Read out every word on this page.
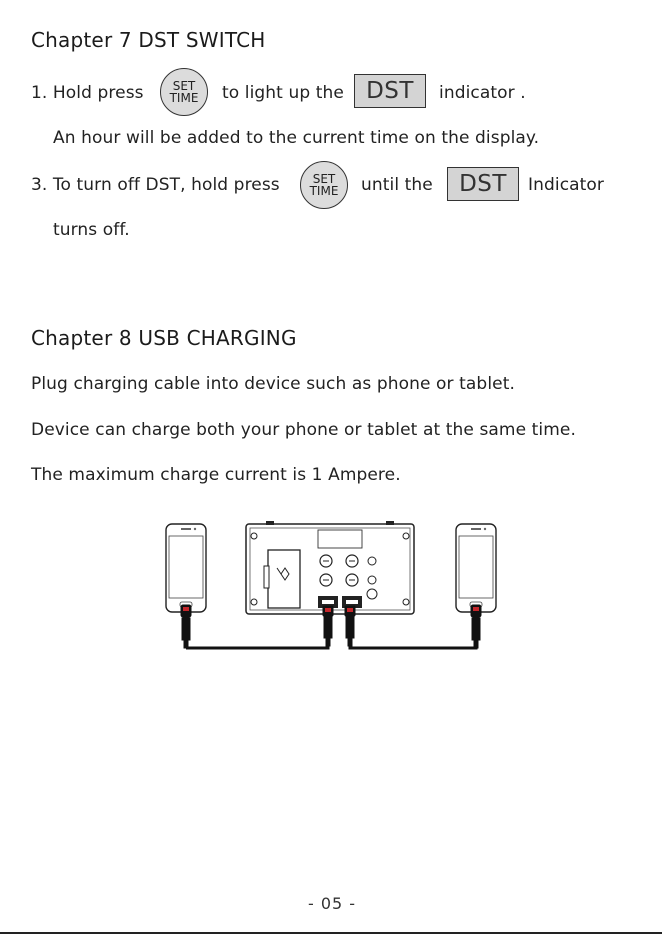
Chapter 7 DST SWITCH
1. Hold press SET
TIME to light up the DST	indicator .
An hour will be added to the current time on the display.
3. To turn off DST, hold press	SET
TIME until the	DST	Indicator
turns off.
Chapter 8 USB CHARGING
Plug charging cable into device such as phone or tablet.
Device can charge both your phone or tablet at the same time.
The maximum charge current is 1 Ampere.
- 05 -
